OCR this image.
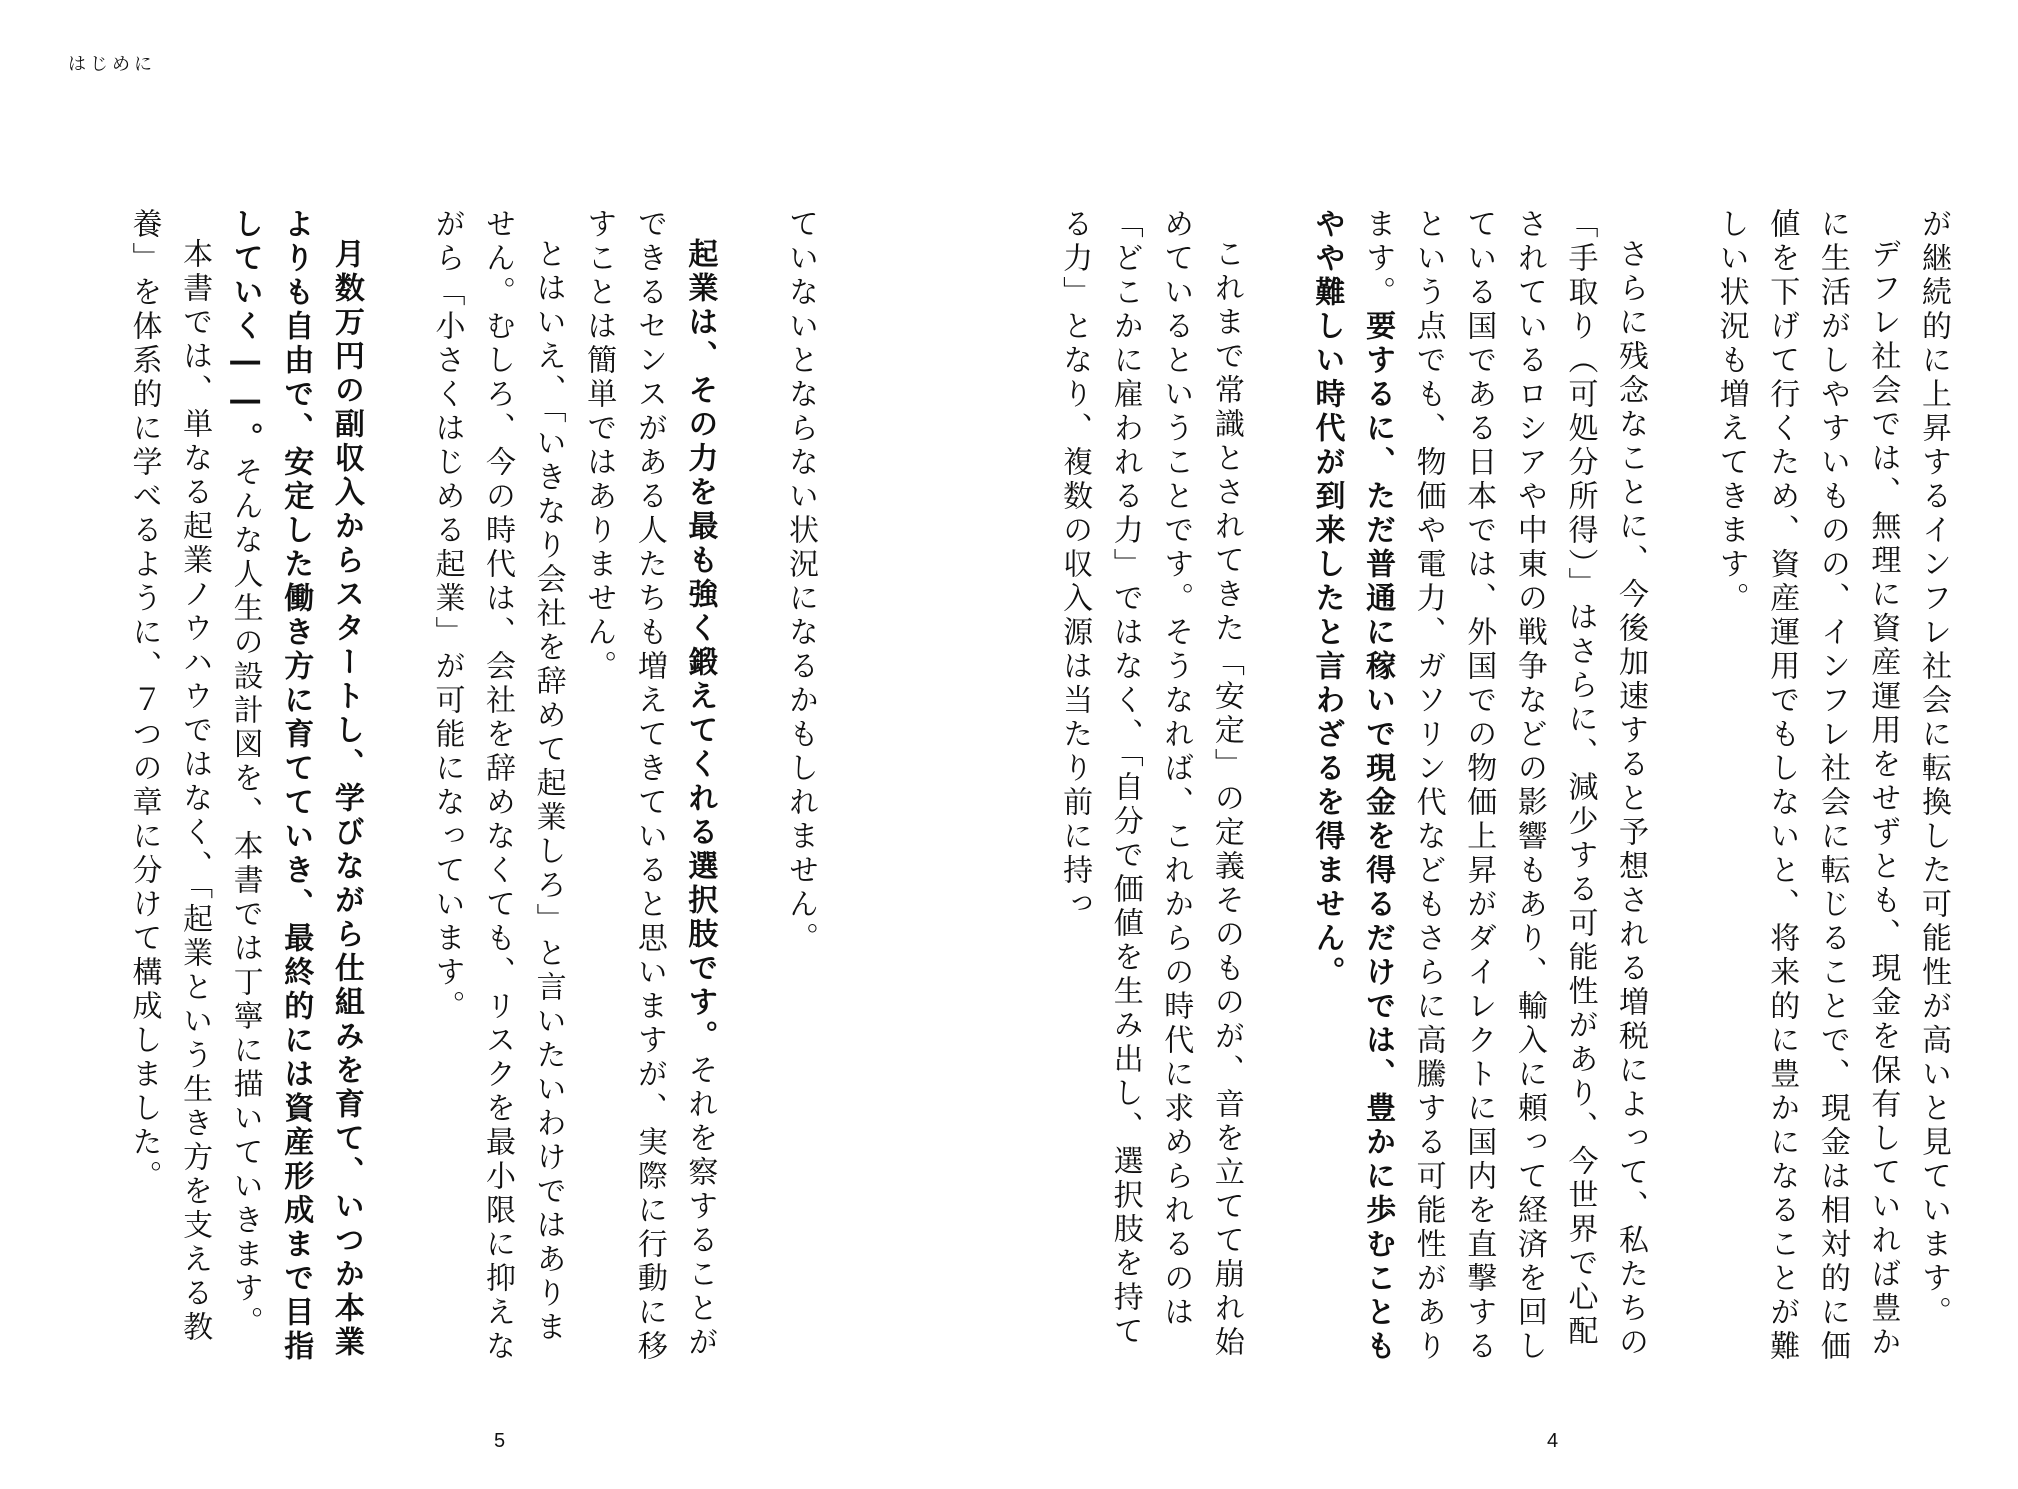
はじめに

が継続的に上昇するインフレ社会に転換した可能性が高いと見ています。

デフレ社会では、無理に資産運用をせずとも、現金を保有していれば豊かに生活がしやすいものの、インフレ社会に転じることで、現金は相対的に価値を下げて行くため、資産運用でもしないと、将来的に豊かになることが難しい状況も増えてきます。

さらに残念なことに、今後加速すると予想される増税によって、私たちの「手取り（可処分所得）」はさらに、減少する可能性があり、今世界で心配されているロシアや中東の戦争などの影響もあり、輸入に頼って経済を回している国である日本では、外国での物価上昇がダイレクトに国内を直撃するという点でも、物価や電力、ガソリン代などもさらに高騰する可能性があります。要するに、ただ普通に稼いで現金を得るだけでは、豊かに歩むこともやや難しい時代が到来したと言わざるを得ません。

これまで常識とされてきた「安定」の定義そのものが、音を立てて崩れ始めているということです。そうなれば、これからの時代に求められるのは「どこかに雇われる力」ではなく、「自分で価値を生み出し、選択肢を持てる力」となり、複数の収入源は当たり前に持っ

ていないとならない状況になるかもしれません。

起業は、その力を最も強く鍛えてくれる選択肢です。それを察することができるセンスがある人たちも増えてきていると思いますが、実際に行動に移すことは簡単ではありません。

とはいえ、「いきなり会社を辞めて起業しろ」と言いたいわけではありません。むしろ、今の時代は、会社を辞めなくても、リスクを最小限に抑えながら「小さくはじめる起業」が可能になっています。

月数万円の副収入からスタートし、学びながら仕組みを育て、いつか本業よりも自由で、安定した働き方に育てていき、最終的には資産形成まで目指していく――。そんな人生の設計図を、本書では丁寧に描いていきます。

本書では、単なる起業ノウハウではなく、「起業という生き方を支える教養」を体系的に学べるように、７つの章に分けて構成しました。

5	4
